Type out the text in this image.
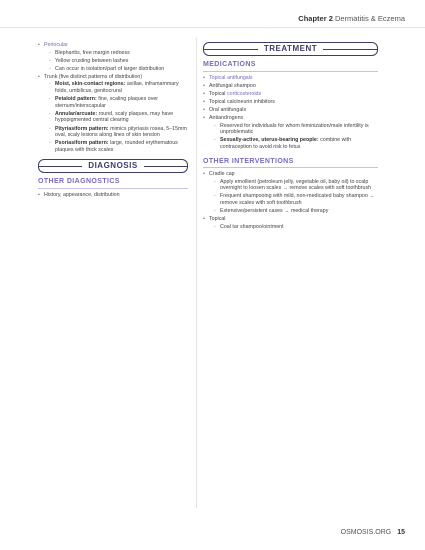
Chapter 2 Dermatitis & Eczema
• Periocular
◦ Blepharitis, free margin redness
◦ Yellow crusting between lashes
◦ Can occur in isolation/part of larger distribution
• Trunk (five distinct patterns of distribution)
◦ Moist, skin-contact regions: axillae, inframammary folds, umbilicus, genitocrural
◦ Petaloid pattern: fine, scaling plaques over sternum/interscapular
◦ Annular/arcuate: round, scaly plaques, may have hypopigmented central clearing
◦ Pityriasiform pattern: mimics pityriasis rosea, 5–15mm oval, scaly lesions along lines of skin tension
◦ Psoriasiform pattern: large, rounded erythematous plaques with thick scales
DIAGNOSIS
OTHER DIAGNOSTICS
• History, appearance, distribution
TREATMENT
MEDICATIONS
• Topical antifungals
• Antifungal shampoo
• Topical corticosteroids
• Topical calcineurin inhibitors
• Oral antifungals
• Antiandrogens
◦ Reserved for individuals for whom feminization/male infertility is unproblematic
◦ Sexually-active, uterus-bearing people: combine with contraception to avoid risk to fetus
OTHER INTERVENTIONS
• Cradle cap
◦ Apply emollient (petroleum jelly, vegetable oil, baby oil) to scalp overnight to loosen scales → remove scales with soft toothbrush
◦ Frequent shampooing with mild, non-medicated baby shampoo → remove scales with soft toothbrush
◦ Extensive/persistent cases → medical therapy
• Topical
◦ Coal tar shampoo/ointment
OSMOSIS.ORG 15
